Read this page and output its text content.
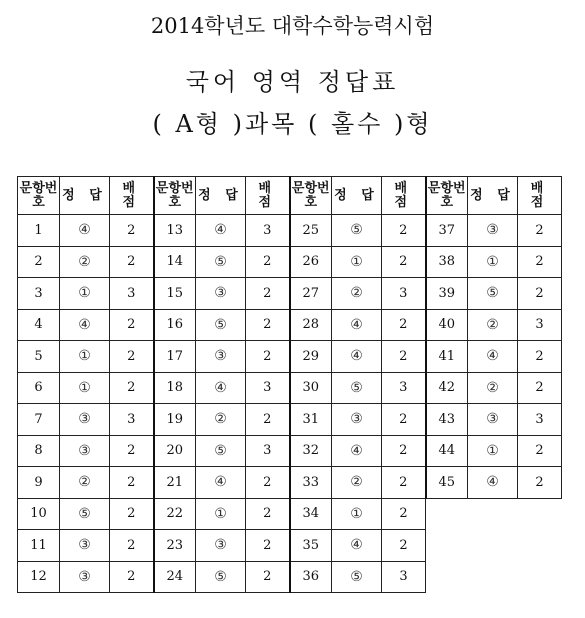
2014학년도 대학수학능력시험
국어 영역 정답표
( A형 )과목 ( 홀수 )형
문항번호	정 답	배 점	문항번호	정 답	배 점	문항번호	정 답	배 점	문항번호	정 답	배 점
1	④	2	13	④	3	25	⑤	2	37	③	2
2	②	2	14	⑤	2	26	①	2	38	①	2
3	①	3	15	③	2	27	②	3	39	⑤	2
4	④	2	16	⑤	2	28	④	2	40	②	3
5	①	2	17	③	2	29	④	2	41	④	2
6	①	2	18	④	3	30	⑤	3	42	②	2
7	③	3	19	②	2	31	③	2	43	③	3
8	③	2	20	⑤	3	32	④	2	44	①	2
9	②	2	21	④	2	33	②	2	45	④	2
10	⑤	2	22	①	2	34	①	2			
11	③	2	23	③	2	35	④	2			
12	③	2	24	⑤	2	36	⑤	3			
